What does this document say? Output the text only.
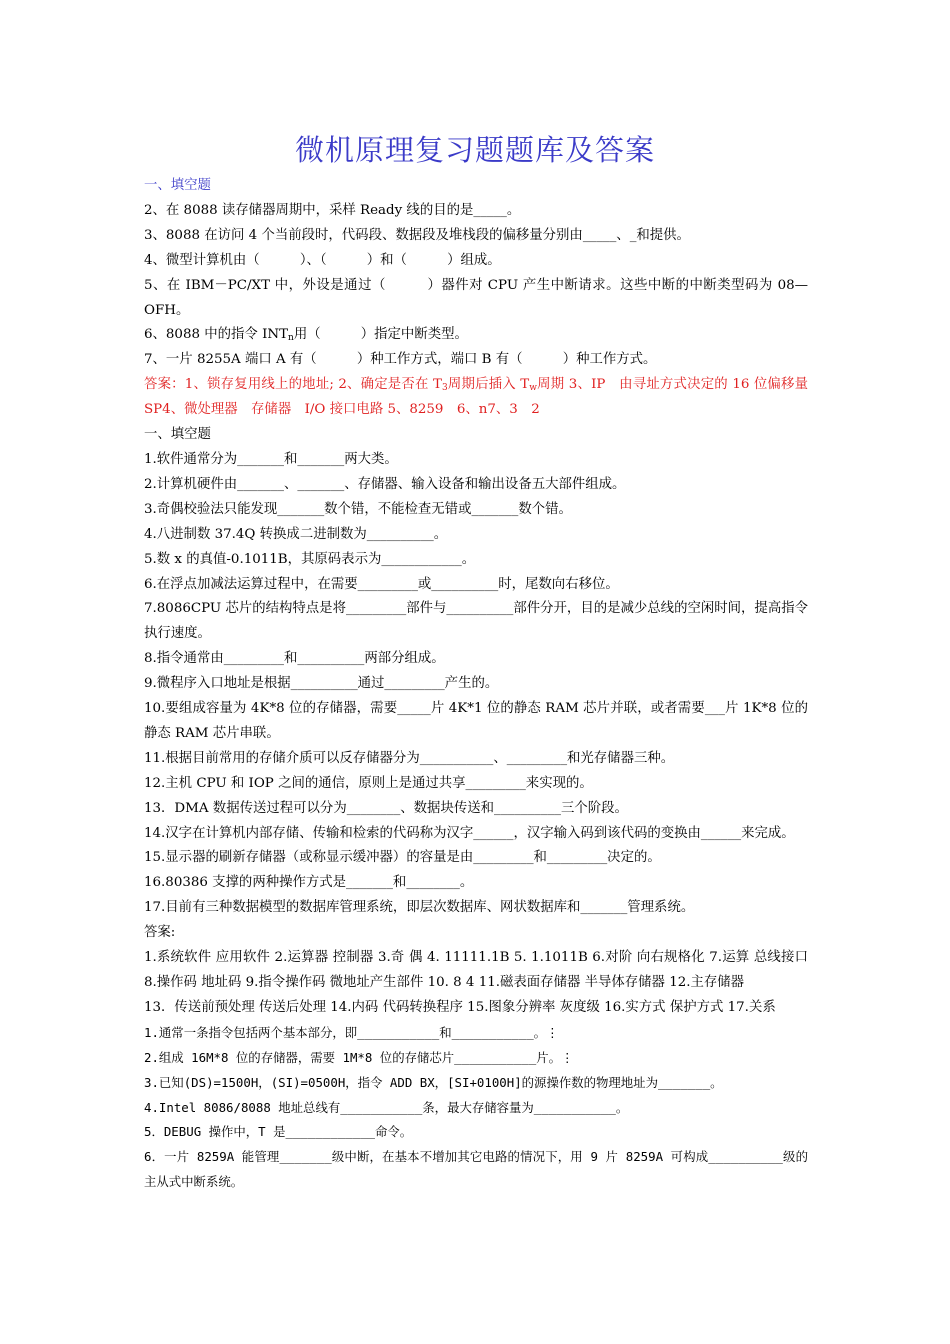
微机原理复习题题库及答案

一、填空题

2、在 8088 读存储器周期中，采样 Ready 线的目的是_____。

3、8088 在访问 4 个当前段时，代码段、数据段及堆栈段的偏移量分别由_____、_和提供。

4、微型计算机由（　　　）、（　　　）和（　　　）组成。

5、在 IBM－PC/XT 中，外设是通过（　　　）器件对 CPU 产生中断请求。这些中断的中断类型码为 08—OFH。

6、8088 中的指令 $INT_n$用（　　　）指定中断类型。

7、一片 8255A 端口 A 有（　　　）种工作方式，端口 B 有（　　　）种工作方式。

答案：1、锁存复用线上的地址; 2、确定是否在 $T_3$周期后插入 $T_w$周期 3、IP　由寻址方式决定的 16 位偏移量　SP4、微处理器　存储器　I/O 接口电路 5、8259　6、n7、3　2

一、填空题

1.软件通常分为_______和_______两大类。

2.计算机硬件由_______、_______、存储器、输入设备和输出设备五大部件组成。

3.奇偶校验法只能发现_______数个错，不能检查无错或_______数个错。

4.八进制数 37.4Q 转换成二进制数为__________。

5.数 x 的真值-0.1011B，其原码表示为____________。

6.在浮点加减法运算过程中，在需要_________或__________时，尾数向右移位。

7.8086CPU 芯片的结构特点是将_________部件与__________部件分开，目的是减少总线的空闲时间，提高指令执行速度。

8.指令通常由_________和__________两部分组成。

9.微程序入口地址是根据__________通过_________产生的。

10.要组成容量为 4K*8 位的存储器，需要_____片 4K*1 位的静态 RAM 芯片并联，或者需要___片 1K*8 位的静态 RAM 芯片串联。

11.根据目前常用的存储介质可以反存储器分为___________、_________和光存储器三种。

12.主机 CPU 和 IOP 之间的通信，原则上是通过共享_________来实现的。

13．DMA 数据传送过程可以分为________、数据块传送和__________三个阶段。

14.汉字在计算机内部存储、传输和检索的代码称为汉字______，汉字输入码到该代码的变换由______来完成。

15.显示器的刷新存储器（或称显示缓冲器）的容量是由_________和_________决定的。

16.80386 支撑的两种操作方式是_______和________。

17.目前有三种数据模型的数据库管理系统，即层次数据库、网状数据库和_______管理系统。

答案:

1.系统软件 应用软件 2.运算器 控制器 3.奇 偶 4. 11111.1B 5. 1.1011B 6.对阶 向右规格化 7.运算 总线接口 8.操作码 地址码 9.指令操作码 微地址产生部件 10. 8 4 11.磁表面存储器 半导体存储器 12.主存储器

13．传送前预处理 传送后处理 14.内码 代码转换程序 15.图象分辨率 灰度级 16.实方式 保护方式 17.关系

1.通常一条指令包括两个基本部分，即___________和___________。⋮

2.组成 16M*8 位的存储器，需要 1M*8 位的存储芯片___________片。⋮

3.已知(DS)=1500H，(SI)=0500H，指令 ADD BX，[SI+0100H]的源操作数的物理地址为_______。

4.Intel 8086/8088 地址总线有___________条，最大存储容量为___________。

5．DEBUG 操作中，T 是____________命令。

6．一片 8259A 能管理_______级中断，在基本不增加其它电路的情况下，用 9 片 8259A 可构成__________级的主从式中断系统。
